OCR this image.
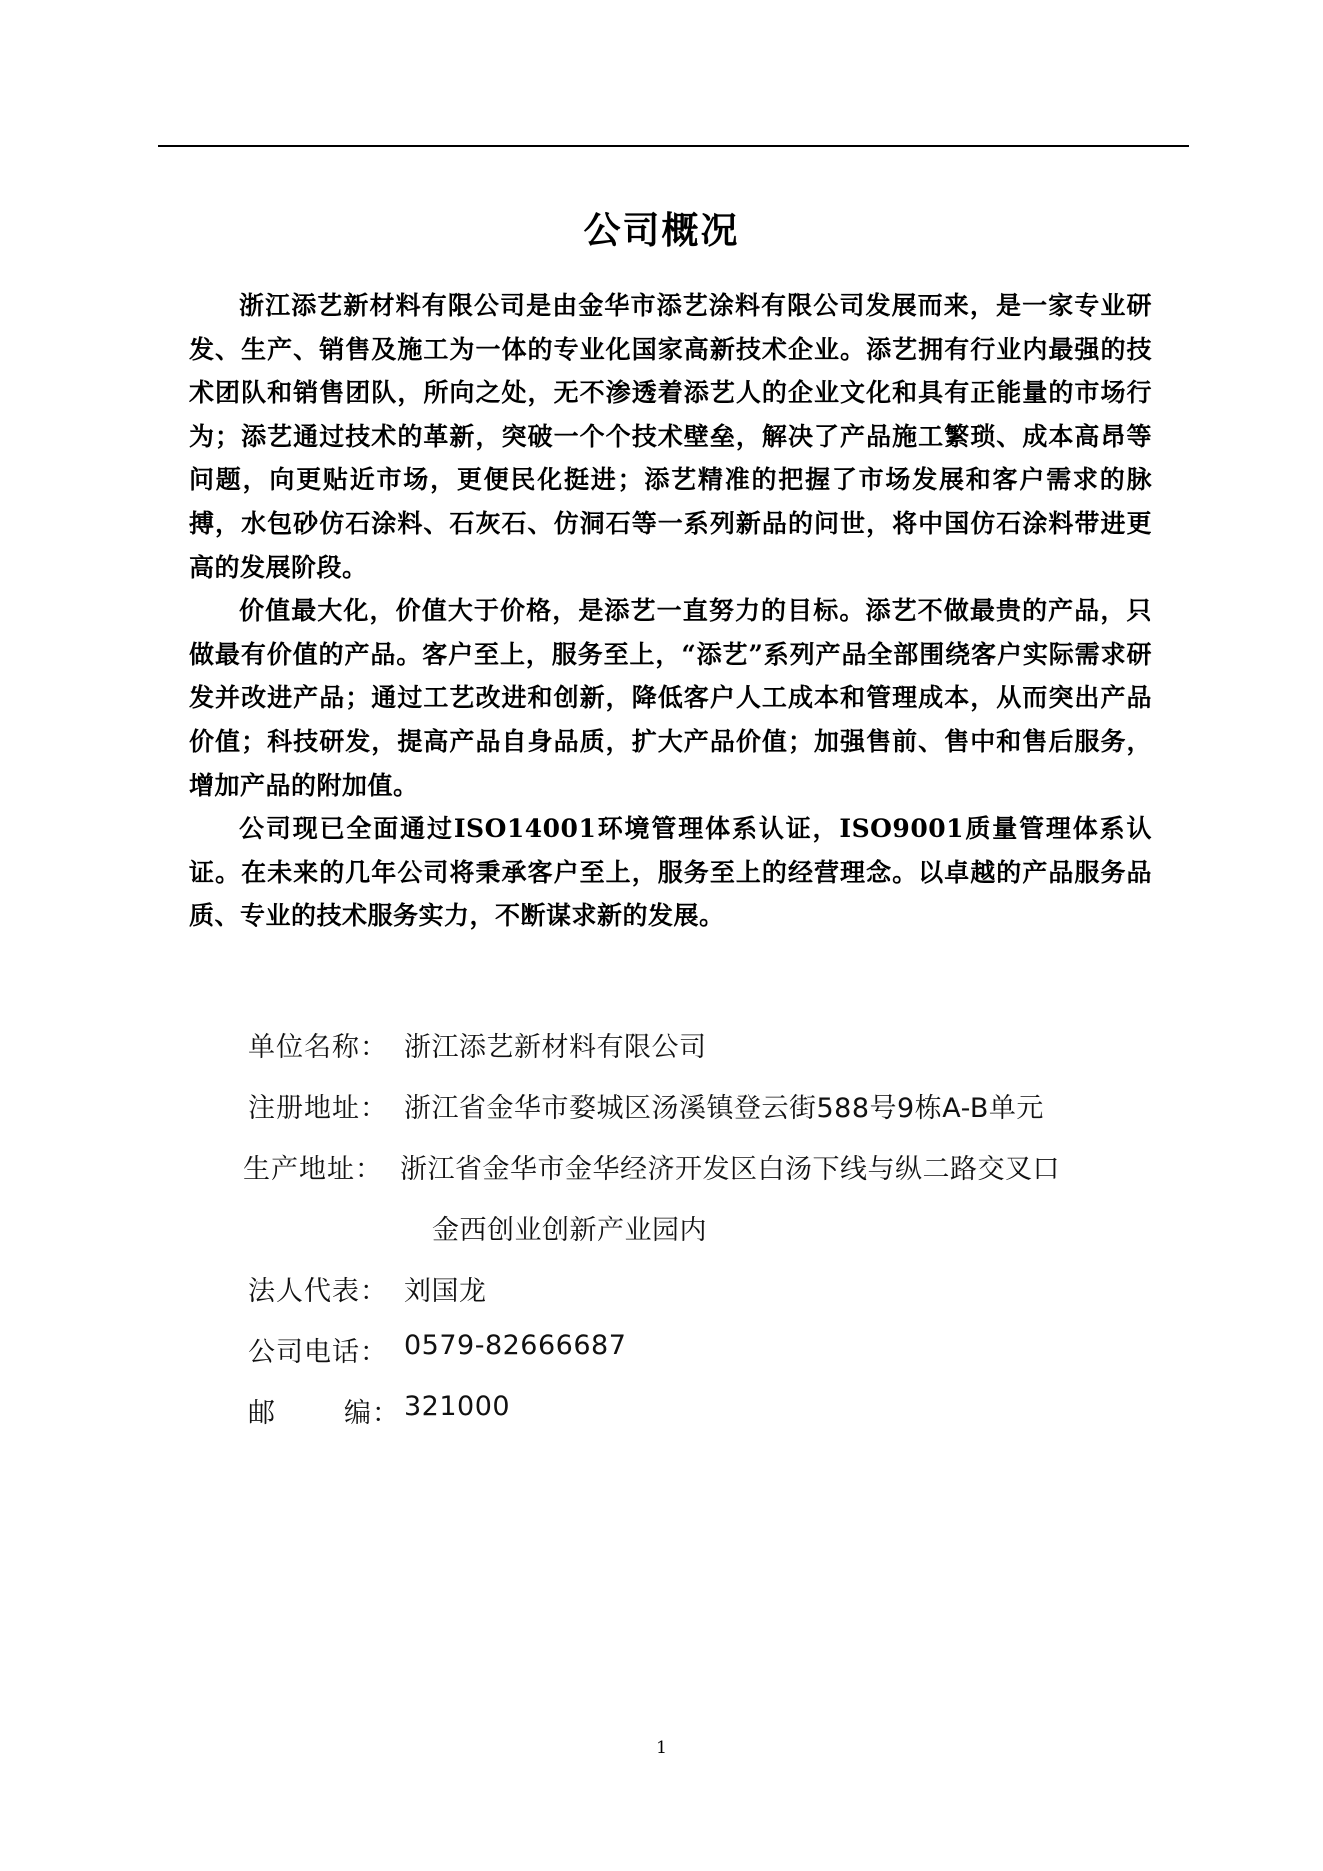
公司概况

浙江添艺新材料有限公司是由金华市添艺涂料有限公司发展而来，是一家专业研发、生产、销售及施工为一体的专业化国家高新技术企业。添艺拥有行业内最强的技术团队和销售团队，所向之处，无不渗透着添艺人的企业文化和具有正能量的市场行为；添艺通过技术的革新，突破一个个技术壁垒，解决了产品施工繁琐、成本高昂等问题，向更贴近市场，更便民化挺进；添艺精准的把握了市场发展和客户需求的脉搏，水包砂仿石涂料、石灰石、仿洞石等一系列新品的问世，将中国仿石涂料带进更高的发展阶段。

价值最大化，价值大于价格，是添艺一直努力的目标。添艺不做最贵的产品，只做最有价值的产品。客户至上，服务至上，“添艺”系列产品全部围绕客户实际需求研发并改进产品；通过工艺改进和创新，降低客户人工成本和管理成本，从而突出产品价值；科技研发，提高产品自身品质，扩大产品价值；加强售前、售中和售后服务，增加产品的附加值。

公司现已全面通过ISO14001环境管理体系认证，ISO9001质量管理体系认证。在未来的几年公司将秉承客户至上，服务至上的经营理念。以卓越的产品服务品质、专业的技术服务实力，不断谋求新的发展。

单位名称： 浙江添艺新材料有限公司
注册地址： 浙江省金华市婺城区汤溪镇登云街588号9栋A-B单元
生产地址： 浙江省金华市金华经济开发区白汤下线与纵二路交叉口
金西创业创新产业园内
法人代表： 刘国龙
公司电话： 0579-82666687
邮	编： 321000
1
